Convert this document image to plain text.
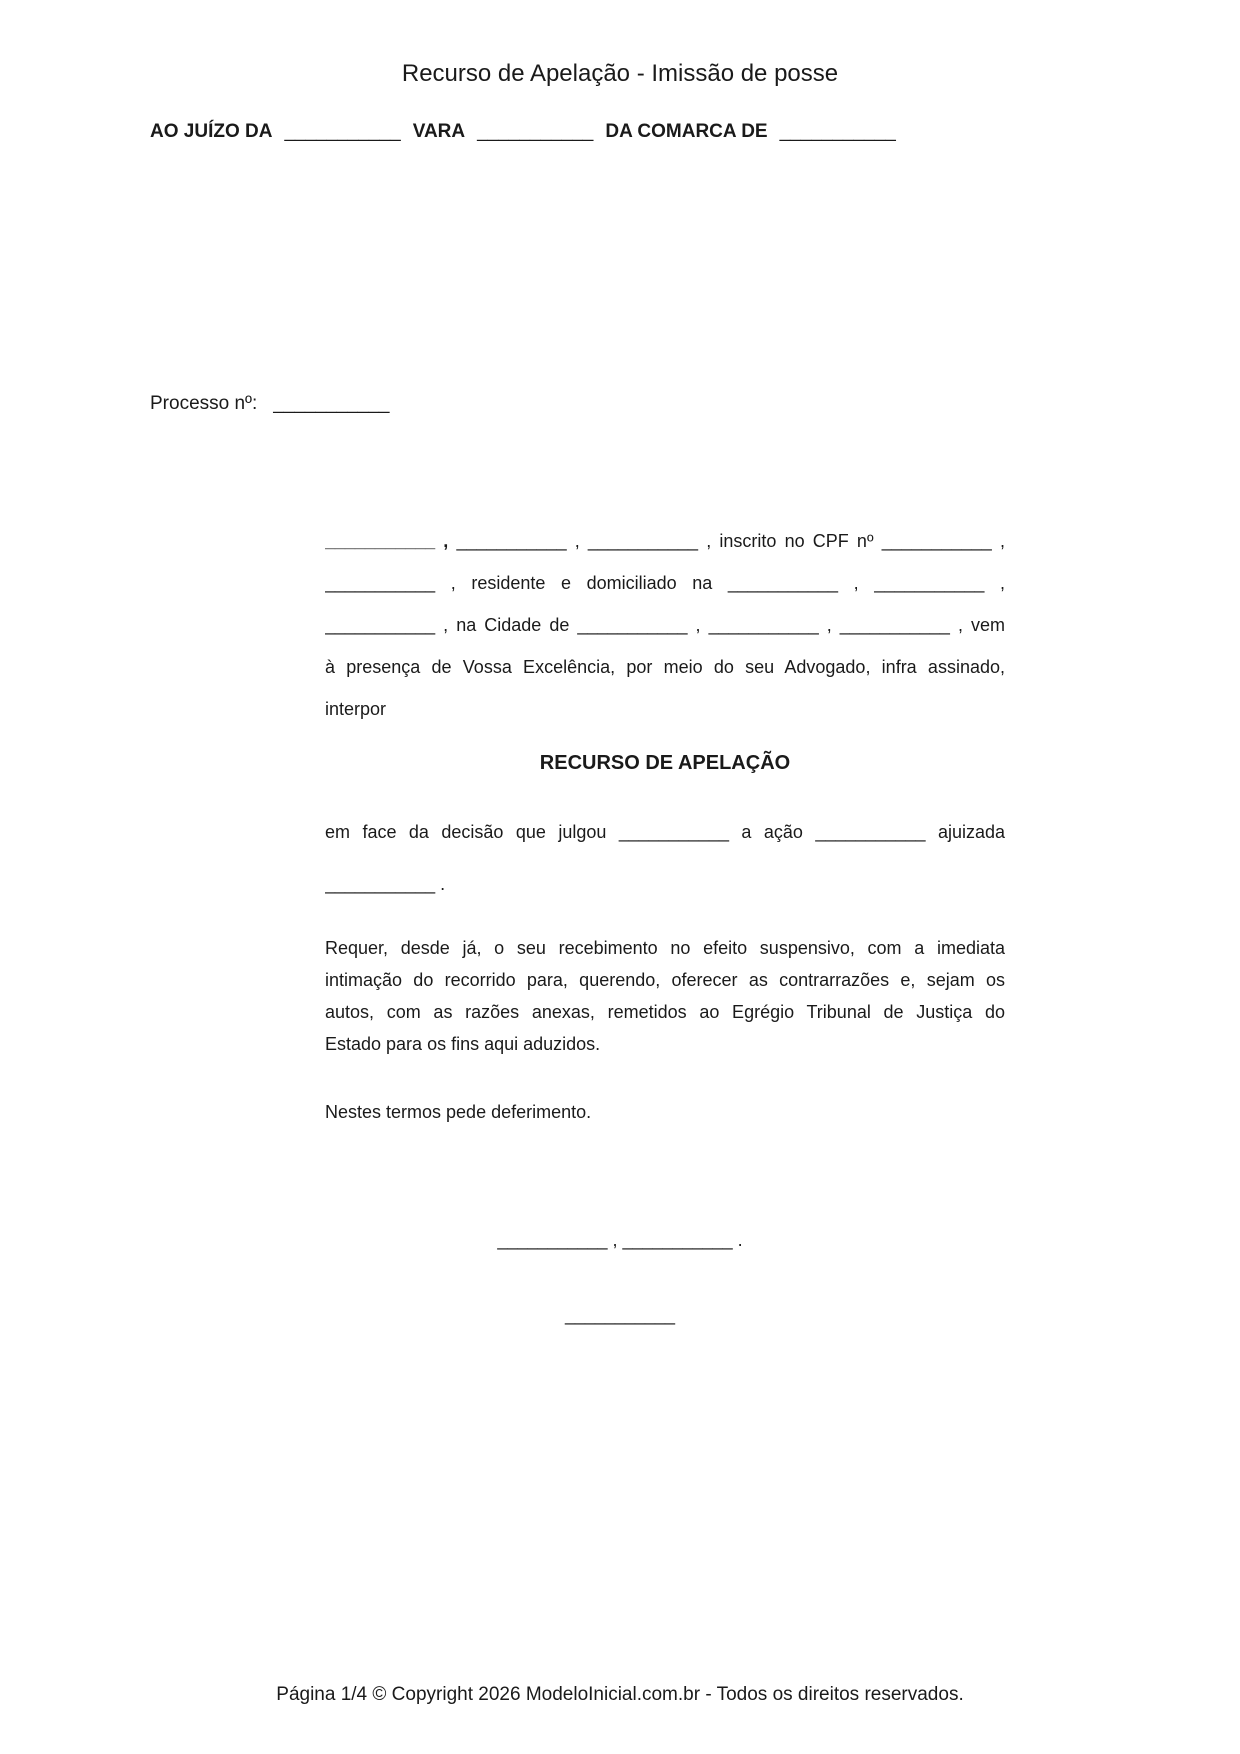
Recurso de Apelação - Imissão de posse
AO JUÍZO DA ___________ VARA ___________ DA COMARCA DE ___________
Processo nº: ___________
___________ , ___________ , ___________ , inscrito no CPF nº ___________ ,
___________ , residente e domiciliado na ___________ , ___________ ,
___________ , na Cidade de ___________ , ___________ , ___________ , vem
à presença de Vossa Excelência, por meio do seu Advogado, infra assinado,
interpor
RECURSO DE APELAÇÃO
em face da decisão que julgou ___________ a ação ___________ ajuizada
___________ .
Requer, desde já, o seu recebimento no efeito suspensivo, com a imediata
intimação do recorrido para, querendo, oferecer as contrarrazões e, sejam os
autos, com as razões anexas, remetidos ao Egrégio Tribunal de Justiça do
Estado para os fins aqui aduzidos.
Nestes termos pede deferimento.
___________ , ___________ .
___________
Página 1/4 © Copyright 2026 ModeloInicial.com.br - Todos os direitos reservados.
